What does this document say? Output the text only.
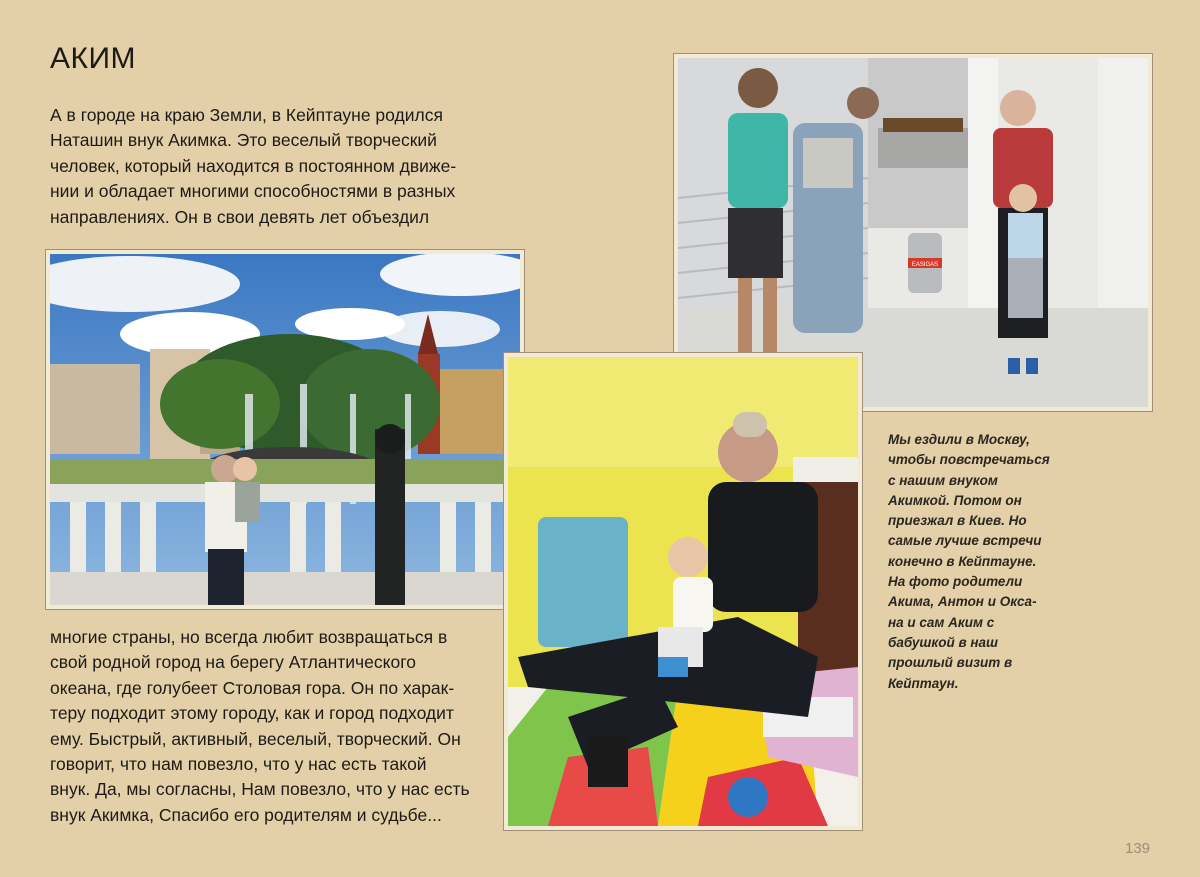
АКИМ
А в городе на краю Земли, в Кейптауне родился
Наташин внук Акимка. Это веселый творческий
человек, который находится в постоянном движе-
нии и обладает многими способностями в разных
направлениях. Он в свои девять лет объездил
EASIGAS
многие страны, но всегда любит возвращаться в
свой родной город на берегу Атлантического
океана, где голубеет Столовая гора. Он по харак-
теру подходит этому городу, как и город подходит
ему. Быстрый, активный, веселый, творческий. Он
говорит, что нам повезло, что у нас есть такой
внук. Да, мы согласны, Нам повезло, что у нас есть
внук Акимка, Спасибо его родителям и судьбе...
Мы ездили в Москву,
чтобы повстречаться
с нашим внуком
Акимкой. Потом он
приезжал в Киев. Но
самые лучше встречи
конечно в Кейптауне.
На фото родители
Акима, Антон и Окса-
на и сам Аким с
бабушкой в наш
прошлый визит в
Кейптаун.
139
